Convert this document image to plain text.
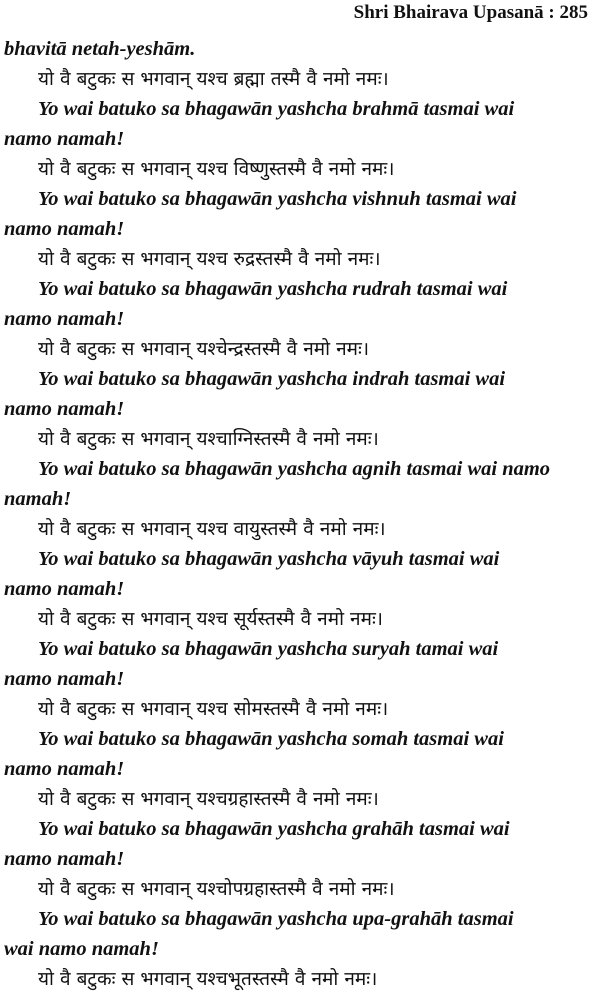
Shri Bhairava Upasanā : 285
bhavitā netah-yeshām.
यो वै बटुकः स भगवान् यश्च ब्रह्मा तस्मै वै नमो नमः।
Yo wai batuko sa bhagawān yashcha brahmā tasmai wai
namo namah!
यो वै बटुकः स भगवान् यश्च विष्णुस्तस्मै वै नमो नमः।
Yo wai batuko sa bhagawān yashcha vishnuh tasmai wai
namo namah!
यो वै बटुकः स भगवान् यश्च रुद्रस्तस्मै वै नमो नमः।
Yo wai batuko sa bhagawān yashcha rudrah tasmai wai
namo namah!
यो वै बटुकः स भगवान् यश्चेन्द्रस्तस्मै वै नमो नमः।
Yo wai batuko sa bhagawān yashcha indrah tasmai wai
namo namah!
यो वै बटुकः स भगवान् यश्चाग्निस्तस्मै वै नमो नमः।
Yo wai batuko sa bhagawān yashcha agnih tasmai wai namo
namah!
यो वै बटुकः स भगवान् यश्च वायुस्तस्मै वै नमो नमः।
Yo wai batuko sa bhagawān yashcha vāyuh tasmai wai
namo namah!
यो वै बटुकः स भगवान् यश्च सूर्यस्तस्मै वै नमो नमः।
Yo wai batuko sa bhagawān yashcha suryah tamai wai
namo namah!
यो वै बटुकः स भगवान् यश्च सोमस्तस्मै वै नमो नमः।
Yo wai batuko sa bhagawān yashcha somah tasmai wai
namo namah!
यो वै बटुकः स भगवान् यश्चग्रहास्तस्मै वै नमो नमः।
Yo wai batuko sa bhagawān yashcha grahāh tasmai wai
namo namah!
यो वै बटुकः स भगवान् यश्चोपग्रहास्तस्मै वै नमो नमः।
Yo wai batuko sa bhagawān yashcha upa-grahāh tasmai
wai namo namah!
यो वै बटुकः स भगवान् यश्चभूतस्तस्मै वै नमो नमः।
